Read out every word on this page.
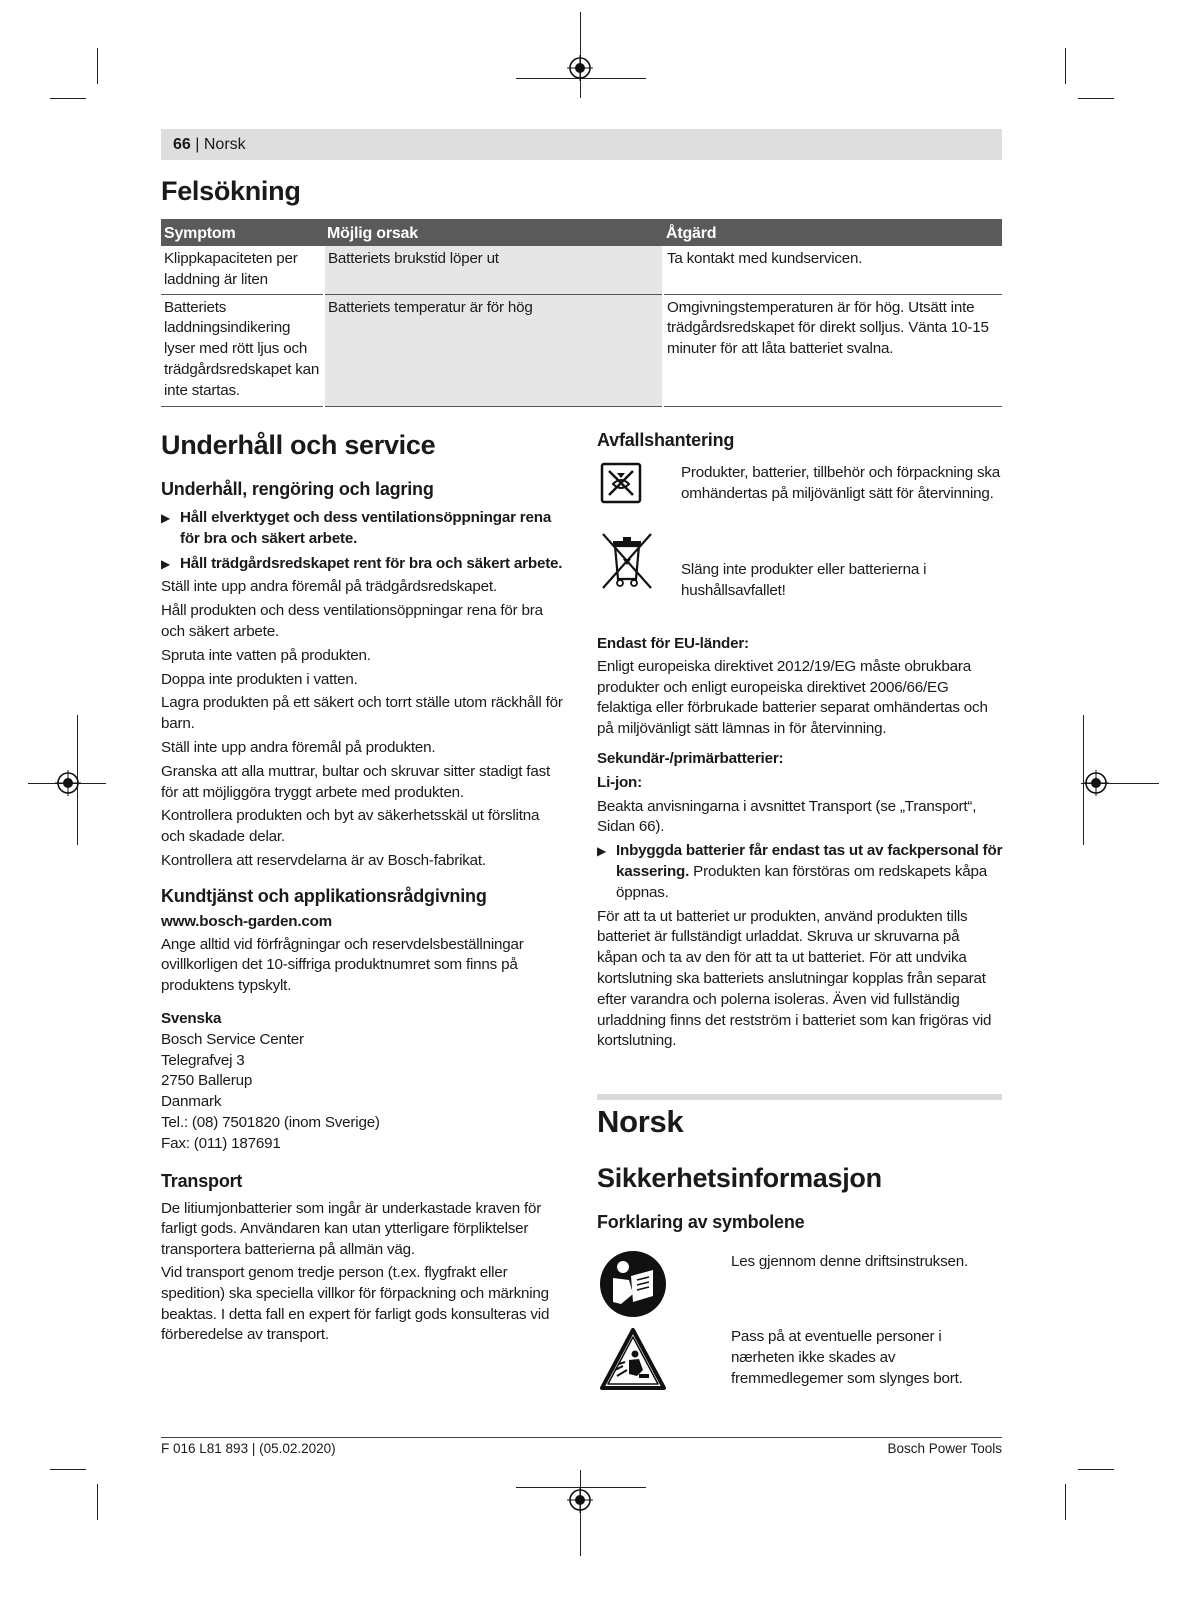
66 | Norsk
Felsökning
Symptom	Möjlig orsak	Åtgärd
Klippkapaciteten per laddning är liten	Batteriets brukstid löper ut	Ta kontakt med kundservicen.
Batteriets laddningsindikering lyser med rött ljus och trädgårdsredskapet kan inte startas.	Batteriets temperatur är för hög	Omgivningstemperaturen är för hög. Utsätt inte trädgårdsredskapet för direkt solljus. Vänta 10-15 minuter för att låta batteriet svalna.
Underhåll och service
Underhåll, rengöring och lagring
▶ Håll elverktyget och dess ventilationsöppningar rena för bra och säkert arbete.
▶ Håll trädgårdsredskapet rent för bra och säkert arbete.

Ställ inte upp andra föremål på trädgårdsredskapet.

Håll produkten och dess ventilationsöppningar rena för bra och säkert arbete.

Spruta inte vatten på produkten.

Doppa inte produkten i vatten.

Lagra produkten på ett säkert och torrt ställe utom räckhåll för barn.

Ställ inte upp andra föremål på produkten.

Granska att alla muttrar, bultar och skruvar sitter stadigt fast för att möjliggöra tryggt arbete med produkten.

Kontrollera produkten och byt av säkerhetsskäl ut förslitna och skadade delar.

Kontrollera att reservdelarna är av Bosch-fabrikat.

Kundtjänst och applikationsrådgivning

www.bosch-garden.com

Ange alltid vid förfrågningar och reservdelsbeställningar ovillkorligen det 10-siffriga produktnumret som finns på produktens typskylt.

Svenska

Bosch Service Center

Telegrafvej 3

2750 Ballerup

Danmark

Tel.: (08) 7501820 (inom Sverige)

Fax: (011) 187691

Transport

De litiumjonbatterier som ingår är underkastade kraven för farligt gods. Användaren kan utan ytterligare förpliktelser transportera batterierna på allmän väg.

Vid transport genom tredje person (t.ex. flygfrakt eller spedition) ska speciella villkor för förpackning och märkning beaktas. I detta fall en expert för farligt gods konsulteras vid förberedelse av transport.

Avfallshantering

Produkter, batterier, tillbehör och förpackning ska omhändertas på miljövänligt sätt för återvinning.

Släng inte produkter eller batterierna i hushållsavfallet!

Endast för EU-länder:

Enligt europeiska direktivet 2012/19/EG måste obrukbara produkter och enligt europeiska direktivet 2006/66/EG felaktiga eller förbrukade batterier separat omhändertas och på miljövänligt sätt lämnas in för återvinning.

Sekundär-/primärbatterier:

Li-jon:

Beakta anvisningarna i avsnittet Transport (se „Transport“, Sidan 66).

▶ Inbyggda batterier får endast tas ut av fackpersonal för kassering. Produkten kan förstöras om redskapets kåpa öppnas.

För att ta ut batteriet ur produkten, använd produkten tills batteriet är fullständigt urladdat. Skruva ur skruvarna på kåpan och ta av den för att ta ut batteriet. För att undvika kortslutning ska batteriets anslutningar kopplas från separat efter varandra och polerna isoleras. Även vid fullständig urladdning finns det restström i batteriet som kan frigöras vid kortslutning.

Norsk
Sikkerhetsinformasjon
Forklaring av symbolene

Les gjennom denne driftsinstruksen.

Pass på at eventuelle personer i nærheten ikke skades av fremmedlegemer som slynges bort.

F 016 L81 893 | (05.02.2020)	Bosch Power Tools
